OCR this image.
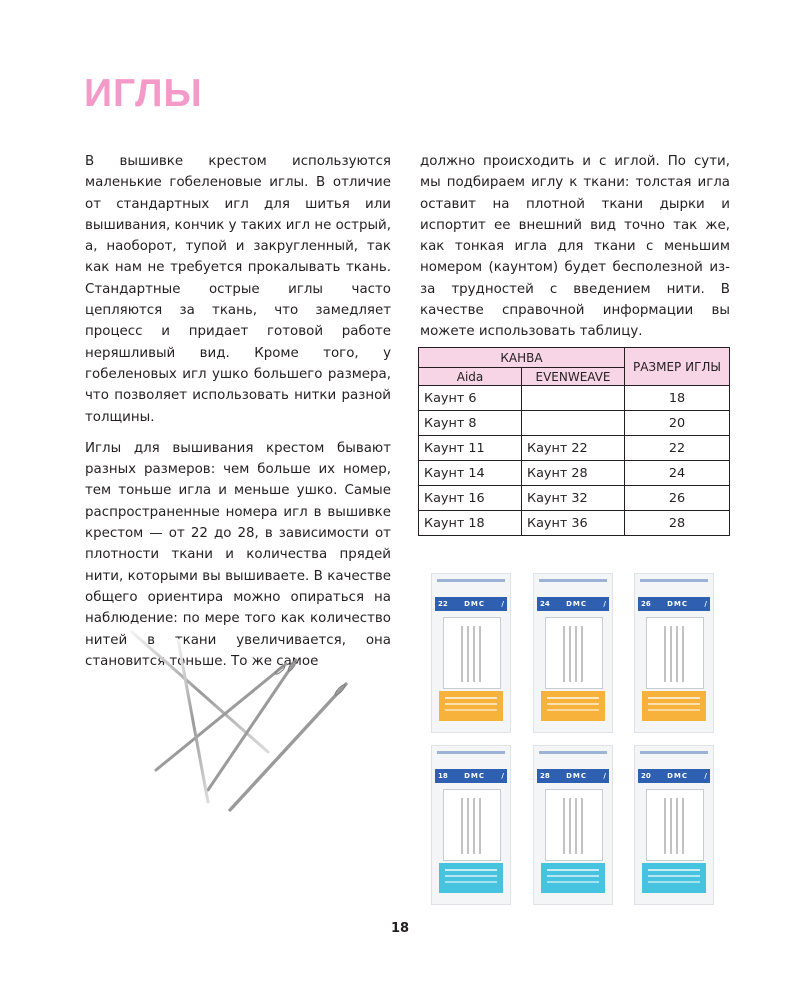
ИГЛЫ

В вышивке крестом используются маленькие гобеленовые иглы. В отличие от стандартных игл для шитья или вышивания, кончик у таких игл не острый, а, наоборот, тупой и закругленный, так как нам не требуется прокалывать ткань. Стандартные острые иглы часто цепляются за ткань, что замедляет процесс и придает готовой работе неряшливый вид. Кроме того, у гобеленовых игл ушко большего размера, что позволяет использовать нитки разной толщины.

Иглы для вышивания крестом бывают разных размеров: чем больше их номер, тем тоньше игла и меньше ушко. Самые распространенные номера игл в вышивке крестом — от 22 до 28, в зависимости от плотности ткани и количества прядей нити, которыми вы вышиваете. В качестве общего ориентира можно опираться на наблюдение: по мере того как количество нитей в ткани увеличивается, она становится тоньше. То же самое

должно происходить и с иглой. По сути, мы подбираем иглу к ткани: толстая игла оставит на плотной ткани дырки и испортит ее внешний вид точно так же, как тонкая игла для ткани с меньшим номером (каунтом) будет бесполезной из-за трудностей с введением нити. В качестве справочной информации вы можете использовать таблицу.

КАНВА		РАЗМЕР ИГЛЫ
Aida	EVENWEAVE	
Каунт 6		18
Каунт 8		20
Каунт 11	Каунт 22	22
Каунт 14	Каунт 28	24
Каунт 16	Каунт 32	26
Каунт 18	Каунт 36	28
22 DMC /	24 DMC /	26 DMC /
18 DMC /	28 DMC /	20 DMC /
18
